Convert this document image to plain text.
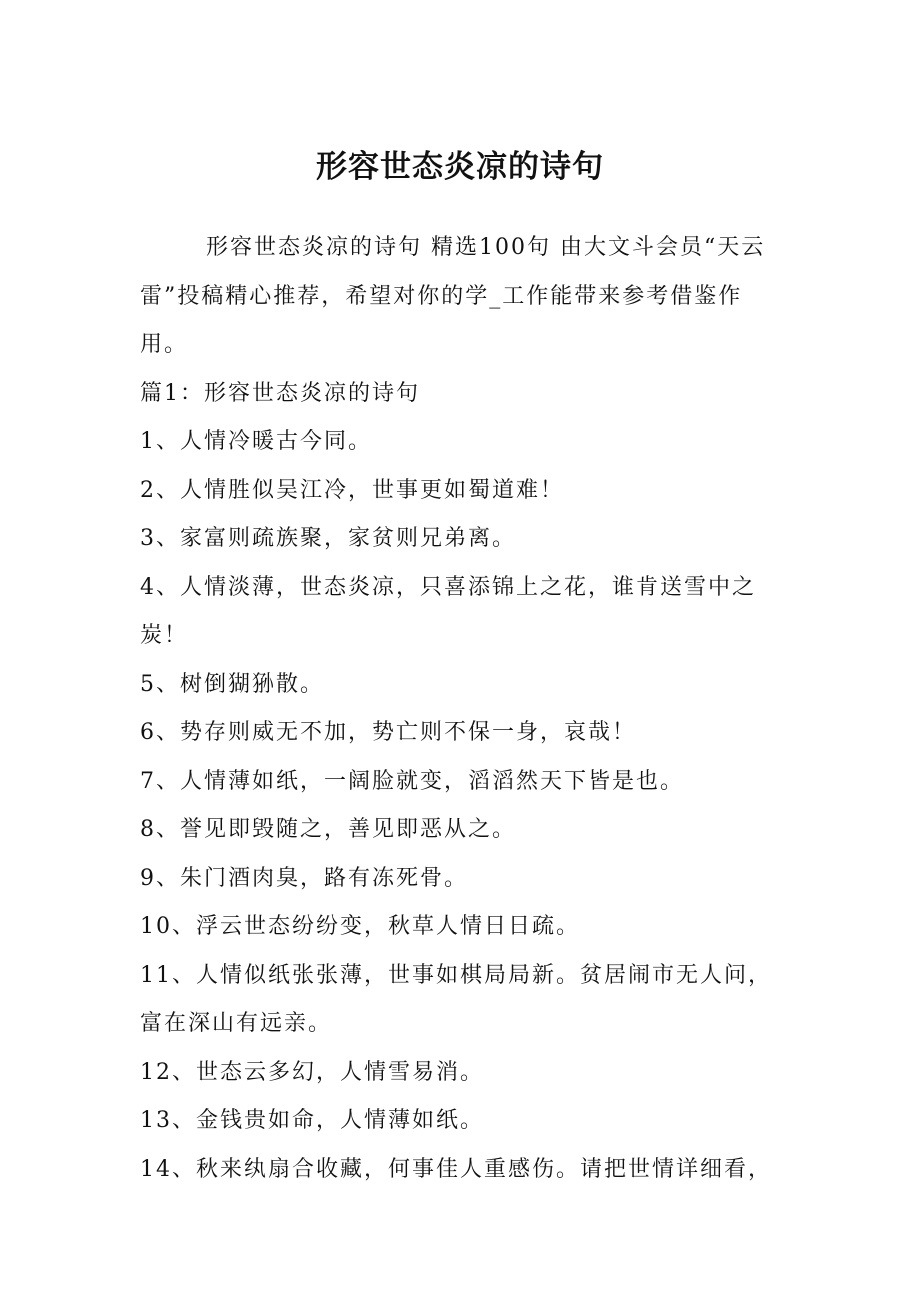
形容世态炎凉的诗句

形容世态炎凉的诗句 精选100句 由大文斗会员“天云雷”投稿精心推荐，希望对你的学_工作能带来参考借鉴作用。

篇1：形容世态炎凉的诗句

1、人情冷暖古今同。

2、人情胜似吴江冷，世事更如蜀道难！

3、家富则疏族聚，家贫则兄弟离。

4、人情淡薄，世态炎凉，只喜添锦上之花，谁肯送雪中之炭！

5、树倒猢狲散。

6、势存则威无不加，势亡则不保一身，哀哉！

7、人情薄如纸，一阔脸就变，滔滔然天下皆是也。

8、誉见即毁随之，善见即恶从之。

9、朱门酒肉臭，路有冻死骨。

10、浮云世态纷纷变，秋草人情日日疏。

11、人情似纸张张薄，世事如棋局局新。贫居闹市无人问，富在深山有远亲。

12、世态云多幻，人情雪易消。

13、金钱贵如命，人情薄如纸。

14、秋来纨扇合收藏，何事佳人重感伤。请把世情详细看，
